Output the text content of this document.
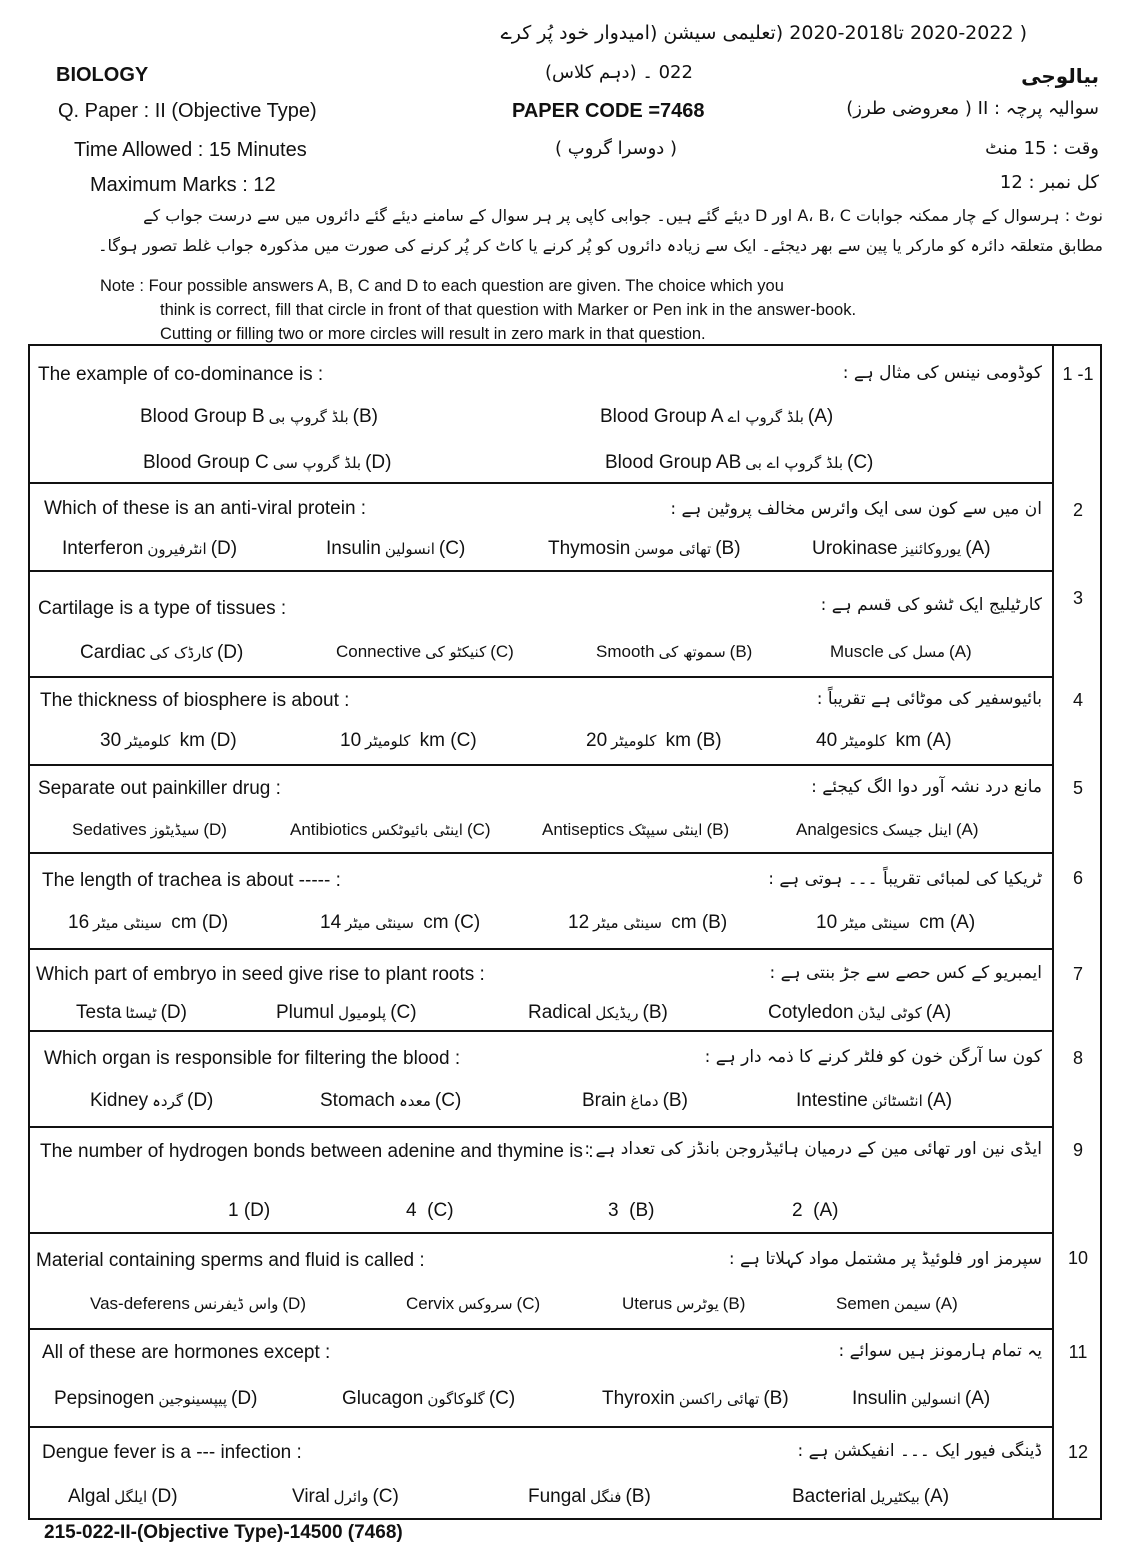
( 2020-2022 تا2018-2020 (تعلیمی سیشن (امیدوار خود پُر کرے
BIOLOGY	022 ۔ (دہم کلاس)	بیالوجی
Q. Paper : II (Objective Type)	PAPER CODE =7468	سوالیہ پرچہ : II ( معروضی طرز)
Time Allowed : 15 Minutes	( دوسرا گروپ )	وقت : 15 منٹ
Maximum Marks : 12	کل نمبر : 12
نوٹ : ہرسوال کے چار ممکنہ جوابات A، B، C اور D دیئے گئے ہیں۔ جوابی کاپی پر ہر سوال کے سامنے دیئے گئے دائروں میں سے درست جواب کے
مطابق متعلقہ دائرہ کو مارکر یا پین سے بھر دیجئے۔ ایک سے زیادہ دائروں کو پُر کرنے یا کاٹ کر پُر کرنے کی صورت میں مذکورہ جواب غلط تصور ہوگا۔
Note : Four possible answers A, B, C and D to each question are given. The choice which you
think is correct, fill that circle in front of that question with Marker or Pen ink in the answer-book.
Cutting or filling two or more circles will result in zero mark in that question.
The example of co-dominance is :	کوڈومی نینس کی مثال ہے :
Blood Group A بلڈ گروپ اے (A)
Blood Group B بلڈ گروپ بی (B)
Blood Group AB بلڈ گروپ اے بی (C)
Blood Group C بلڈ گروپ سی (D)
1 -1
Which of these is an anti-viral protein :	ان میں سے کون سی ایک وائرس مخالف پروٹین ہے :
Urokinase یوروکائنیز (A)
Thymosin تھائی موسن (B)
Insulin انسولین (C)
Interferon انٹرفیرون (D)
2
Cartilage is a type of tissues :	کارٹیلیج ایک ٹشو کی قسم ہے :
Muscle مسل کی (A)
Smooth سموتھ کی (B)
Connective کنیکٹو کی (C)
Cardiac کارڈک کی (D)
3
The thickness of biosphere is about :	بائیوسفیر کی موٹائی ہے تقریباً :
کلومیٹر40 km (A)
کلومیٹر20 km (B)
کلومیٹر10 km (C)
کلومیٹر30 km (D)
4
Separate out painkiller drug :	مانع درد نشہ آور دوا الگ کیجئے :
Analgesics اینل جیسک (A)
Antiseptics اینٹی سیپٹک (B)
Antibiotics اینٹی بائیوٹکس (C)
Sedatives سیڈیٹوز (D)
5
The length of trachea is about ----- :	ٹریکیا کی لمبائی تقریباً ۔۔۔ ہوتی ہے :
سینٹی میٹر10 cm (A)
سینٹی میٹر12 cm (B)
سینٹی میٹر14 cm (C)
سینٹی میٹر16 cm (D)
6
Which part of embryo in seed give rise to plant roots :	ایمبریو کے کس حصے سے جڑ بنتی ہے :
Cotyledon کوٹی لیڈن (A)
Radical ریڈیکل (B)
Plumul پلومیول (C)
Testa ٹیسٹا (D)
7
Which organ is responsible for filtering the blood :	کون سا آرگن خون کو فلٹر کرنے کا ذمہ دار ہے :
Intestine انٹسٹائن (A)
Brain دماغ (B)
Stomach معدہ (C)
Kidney گردہ (D)
8
The number of hydrogen bonds between adenine and thymine is :
ایڈی نین اور تھائی مین کے درمیان ہائیڈروجن بانڈز کی تعداد ہے :
2 (A)
3 (B)
4 (C)
1 (D)
9
Material containing sperms and fluid is called :	سپرمز اور فلوئیڈ پر مشتمل مواد کہلاتا ہے :
Semen سیمن (A)
Uterus یوٹرس (B)
Cervix سروکس (C)
Vas-deferens واس ڈیفرنس (D)
10
All of these are hormones except :	یہ تمام ہارمونز ہیں سوائے :
Insulin انسولین (A)
Thyroxin تھائی راکسن (B)
Glucagon گلوکاگون (C)
Pepsinogen پیپسینوجین (D)
11
Dengue fever is a --- infection :	ڈینگی فیور ایک ۔۔۔ انفیکشن ہے :
Bacterial بیکٹیریل (A)
Fungal فنگل (B)
Viral وائرل (C)
Algal ایلگل (D)
12
215-022-II-(Objective Type)-14500 (7468)
